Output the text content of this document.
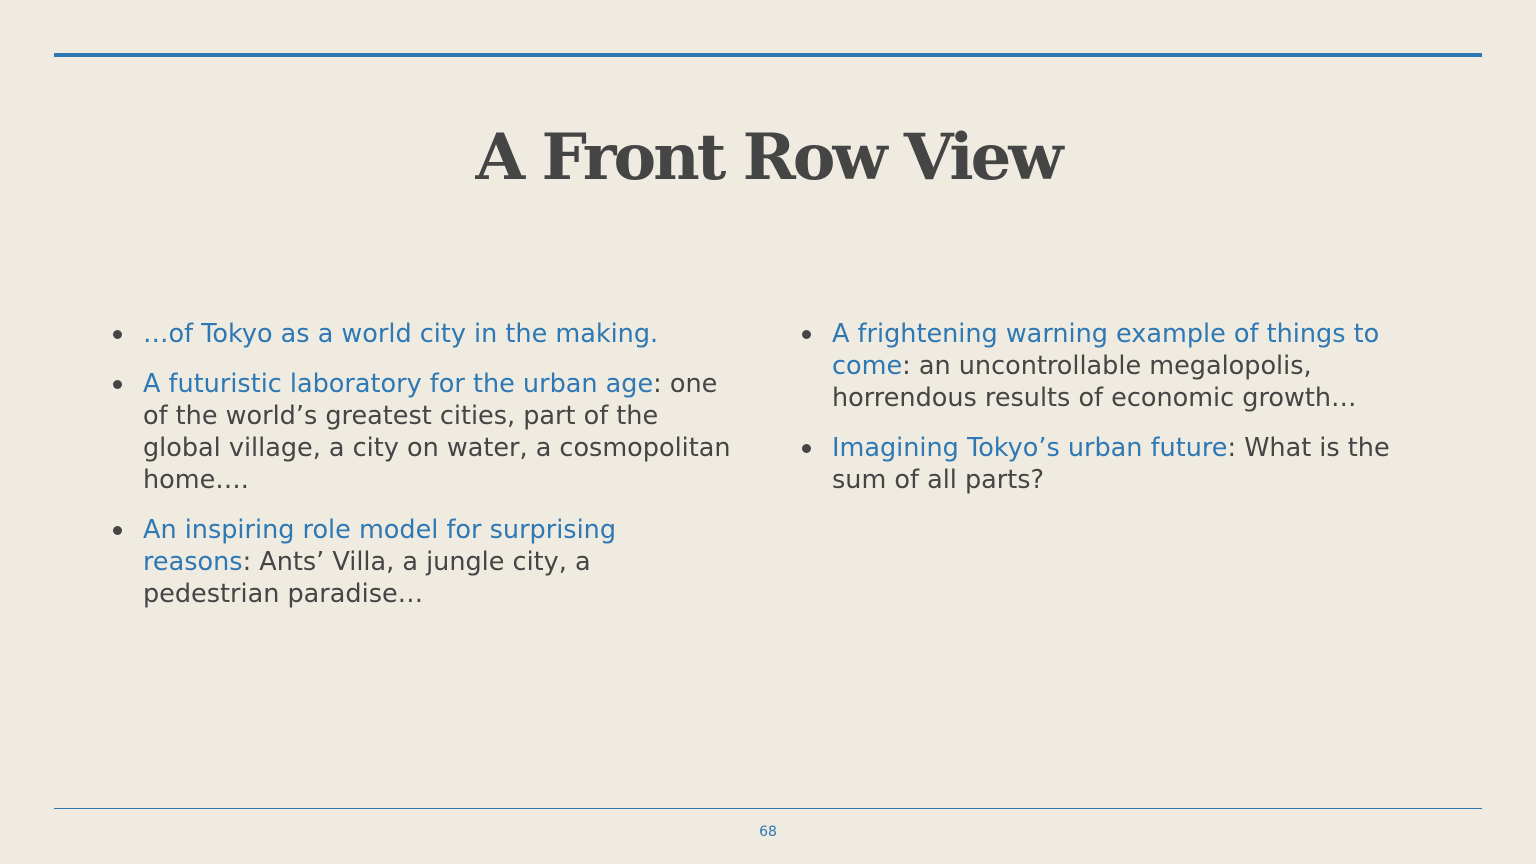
A Front Row View
…of Tokyo as a world city in the making.
A futuristic laboratory for the urban age: one of the world’s greatest cities, part of the global village, a city on water, a cosmopolitan home….
An inspiring role model for surprising reasons: Ants’ Villa, a jungle city, a pedestrian paradise…
A frightening warning example of things to come: an uncontrollable megalopolis, horrendous results of economic growth…
Imagining Tokyo’s urban future: What is the sum of all parts?
68
